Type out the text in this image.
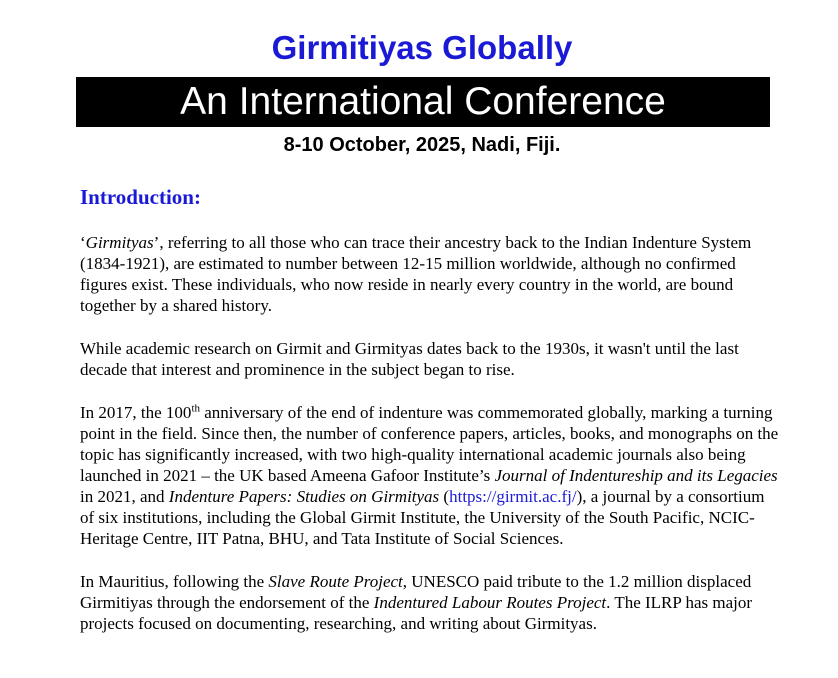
Girmitiyas Globally
An International Conference
8-10 October, 2025, Nadi, Fiji.
Introduction:

‘Girmityas’, referring to all those who can trace their ancestry back to the Indian Indenture System (1834-1921), are estimated to number between 12-15 million worldwide, although no confirmed figures exist. These individuals, who now reside in nearly every country in the world, are bound together by a shared history.

While academic research on Girmit and Girmityas dates back to the 1930s, it wasn't until the last decade that interest and prominence in the subject began to rise.

In 2017, the 100th anniversary of the end of indenture was commemorated globally, marking a turning point in the field. Since then, the number of conference papers, articles, books, and monographs on the topic has significantly increased, with two high-quality international academic journals also being launched in 2021 – the UK based Ameena Gafoor Institute’s Journal of Indentureship and its Legacies in 2021, and Indenture Papers: Studies on Girmityas (https://girmit.ac.fj/), a journal by a consortium of six institutions, including the Global Girmit Institute, the University of the South Pacific, NCIC-Heritage Centre, IIT Patna, BHU, and Tata Institute of Social Sciences.

In Mauritius, following the Slave Route Project, UNESCO paid tribute to the 1.2 million displaced Girmitiyas through the endorsement of the Indentured Labour Routes Project. The ILRP has major projects focused on documenting, researching, and writing about Girmityas.
